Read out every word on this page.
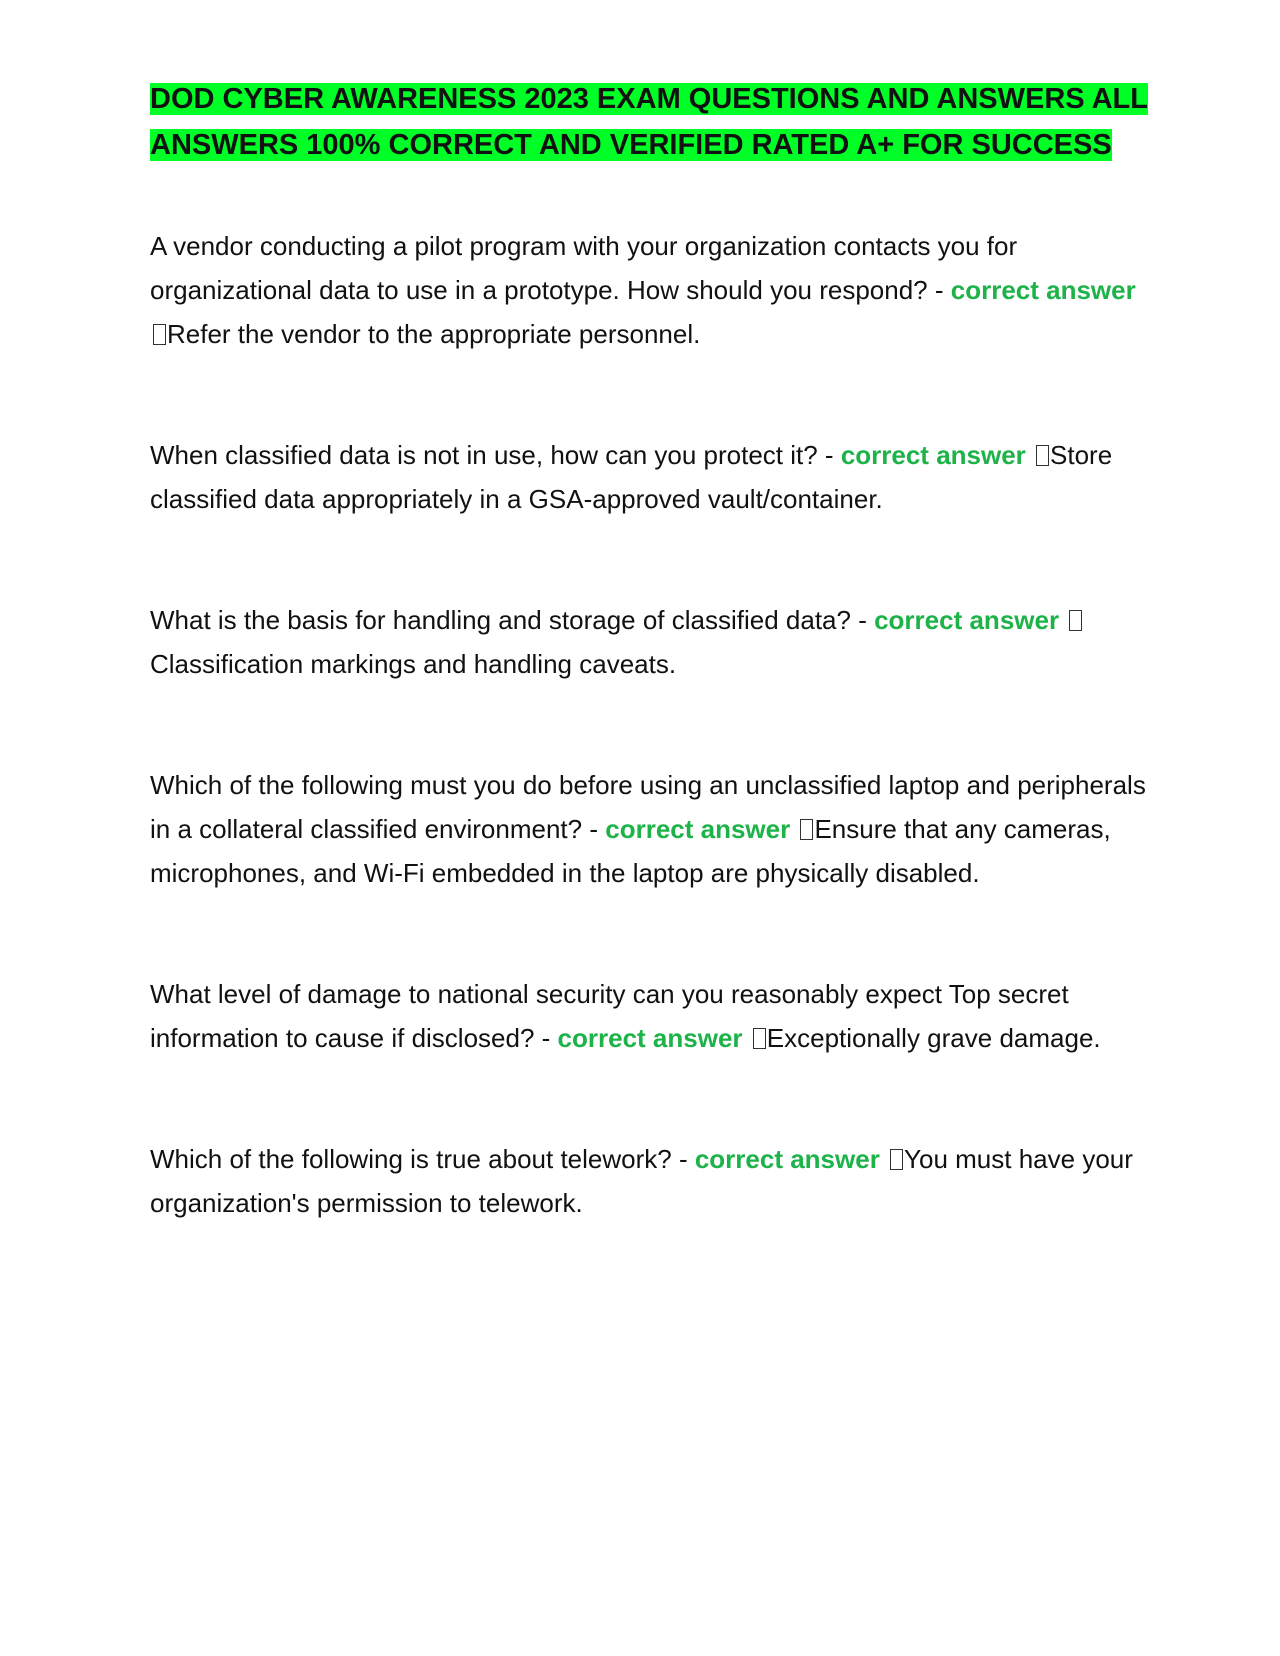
DOD CYBER AWARENESS 2023 EXAM QUESTIONS AND ANSWERS ALL ANSWERS 100% CORRECT AND VERIFIED RATED A+ FOR SUCCESS

A vendor conducting a pilot program with your organization contacts you for organizational data to use in a prototype. How should you respond? - correct answer Refer the vendor to the appropriate personnel.

When classified data is not in use, how can you protect it? - correct answer Store classified data appropriately in a GSA-approved vault/container.

What is the basis for handling and storage of classified data? - correct answer Classification markings and handling caveats.

Which of the following must you do before using an unclassified laptop and peripherals in a collateral classified environment? - correct answer Ensure that any cameras, microphones, and Wi-Fi embedded in the laptop are physically disabled.

What level of damage to national security can you reasonably expect Top secret information to cause if disclosed? - correct answer Exceptionally grave damage.

Which of the following is true about telework? - correct answer You must have your organization's permission to telework.
